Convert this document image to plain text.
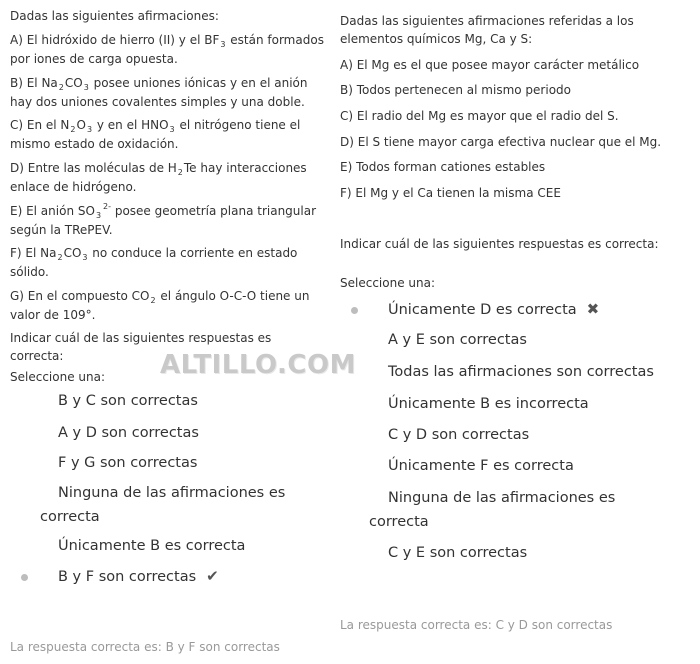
Dadas las siguientes afirmaciones:
A) El hidróxido de hierro (II) y el $BF_3$ están formados por iones de carga opuesta.
B) El $Na_2CO_3$ posee uniones iónicas y en el anión hay dos uniones covalentes simples y una doble.
C) En el $N_2O_3$ y en el $HNO_3$ el nitrógeno tiene el mismo estado de oxidación.
D) Entre las moléculas de $H_2Te$ hay interacciones enlace de hidrógeno.
E) El anión $SO_3^{2-}$ posee geometría plana triangular según la TRePEV.
F) El $Na_2CO_3$ no conduce la corriente en estado sólido.
G) En el compuesto $CO_2$ el ángulo O-C-O tiene un valor de 109°.
Indicar cuál de las siguientes respuestas es correcta:
Seleccione una:
B y C son correctas
A y D son correctas
F y G son correctas
Ninguna de las afirmaciones es correcta
Únicamente B es correcta
B y F son correctas ✔
La respuesta correcta es: B y F son correctas
Dadas las siguientes afirmaciones referidas a los elementos químicos Mg, Ca y S:
A) El Mg es el que posee mayor carácter metálico
B) Todos pertenecen al mismo periodo
C) El radio del Mg es mayor que el radio del S.
D) El S tiene mayor carga efectiva nuclear que el Mg.
E) Todos forman cationes estables
F) El Mg y el Ca tienen la misma CEE
Indicar cuál de las siguientes respuestas es correcta:
Seleccione una:
Únicamente D es correcta ✖
A y E son correctas
Todas las afirmaciones son correctas
Únicamente B es incorrecta
C y D son correctas
Únicamente F es correcta
Ninguna de las afirmaciones es correcta
C y E son correctas
La respuesta correcta es: C y D son correctas
ALTILLO.COM
